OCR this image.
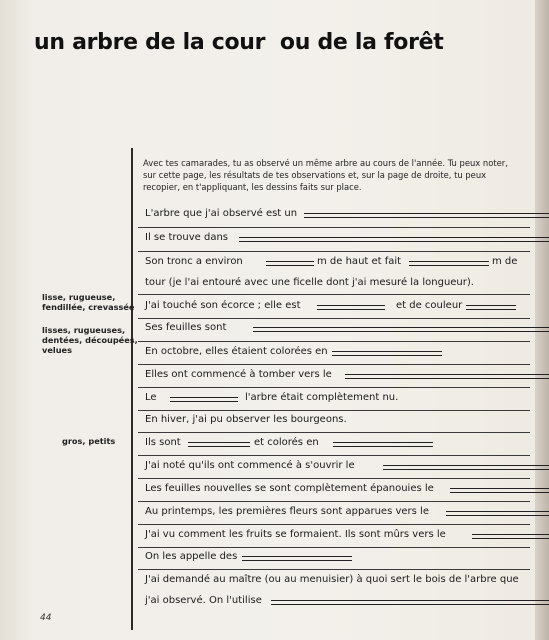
un arbre de la cour  ou de la forêt
Avec tes camarades, tu as observé un même arbre au cours de l'année. Tu peux noter, sur cette page, les résultats de tes observations et, sur la page de droite, tu peux recopier, en t'appliquant, les dessins faits sur place.
lisse, rugueuse,
fendillée, crevassée
lisses, rugueuses,
dentées, découpées,
velues
gros, petits
L'arbre que j'ai observé est un
Il se trouve dans
Son tronc a environ	m de haut et fait	m de
tour (je l'ai entouré avec une ficelle dont j'ai mesuré la longueur).
J'ai touché son écorce ; elle est	et de couleur
Ses feuilles sont
En octobre, elles étaient colorées en
Elles ont commencé à tomber vers le
Le	l'arbre était complètement nu.
En hiver, j'ai pu observer les bourgeons.
Ils sont	et colorés en
J'ai noté qu'ils ont commencé à s'ouvrir le
Les feuilles nouvelles se sont complètement épanouies le
Au printemps, les premières fleurs sont apparues vers le
J'ai vu comment les fruits se formaient. Ils sont mûrs vers le
On les appelle des
J'ai demandé au maître (ou au menuisier) à quoi sert le bois de l'arbre que
j'ai observé. On l'utilise
44
